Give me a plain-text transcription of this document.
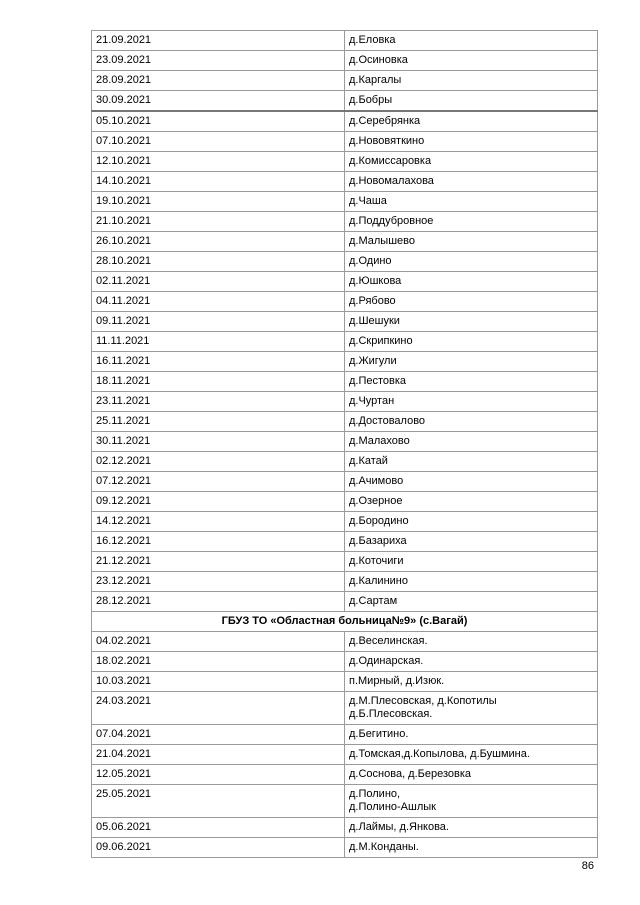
21.09.2021	д.Еловка
23.09.2021	д.Осиновка
28.09.2021	д.Каргалы
30.09.2021	д.Бобры
05.10.2021	д.Серебрянка
07.10.2021	д.Нововяткино
12.10.2021	д.Комиссаровка
14.10.2021	д.Новомалахова
19.10.2021	д.Чаша
21.10.2021	д.Поддубровное
26.10.2021	д.Малышево
28.10.2021	д.Одино
02.11.2021	д.Юшкова
04.11.2021	д.Рябово
09.11.2021	д.Шешуки
11.11.2021	д.Скрипкино
16.11.2021	д.Жигули
18.11.2021	д.Пестовка
23.11.2021	д.Чуртан
25.11.2021	д.Достовалово
30.11.2021	д.Малахово
02.12.2021	д.Катай
07.12.2021	д.Ачимово
09.12.2021	д.Озерное
14.12.2021	д.Бородино
16.12.2021	д.Базариха
21.12.2021	д.Коточиги
23.12.2021	д.Калинино
28.12.2021	д.Сартам
ГБУЗ ТО «Областная больница№9» (с.Вагай)	
04.02.2021	д.Веселинская.
18.02.2021	д.Одинарская.
10.03.2021	п.Мирный, д.Изюк.
24.03.2021	д.М.Плесовская, д.Копотилы
д.Б.Плесовская.
07.04.2021	д.Бегитино.
21.04.2021	д.Томская,д.Копылова, д.Бушмина.
12.05.2021	д.Соснова, д.Березовка
25.05.2021	д.Полино,
д.Полино-Ашлык
05.06.2021	д.Лаймы, д.Янкова.
09.06.2021	д.М.Конданы.
86
